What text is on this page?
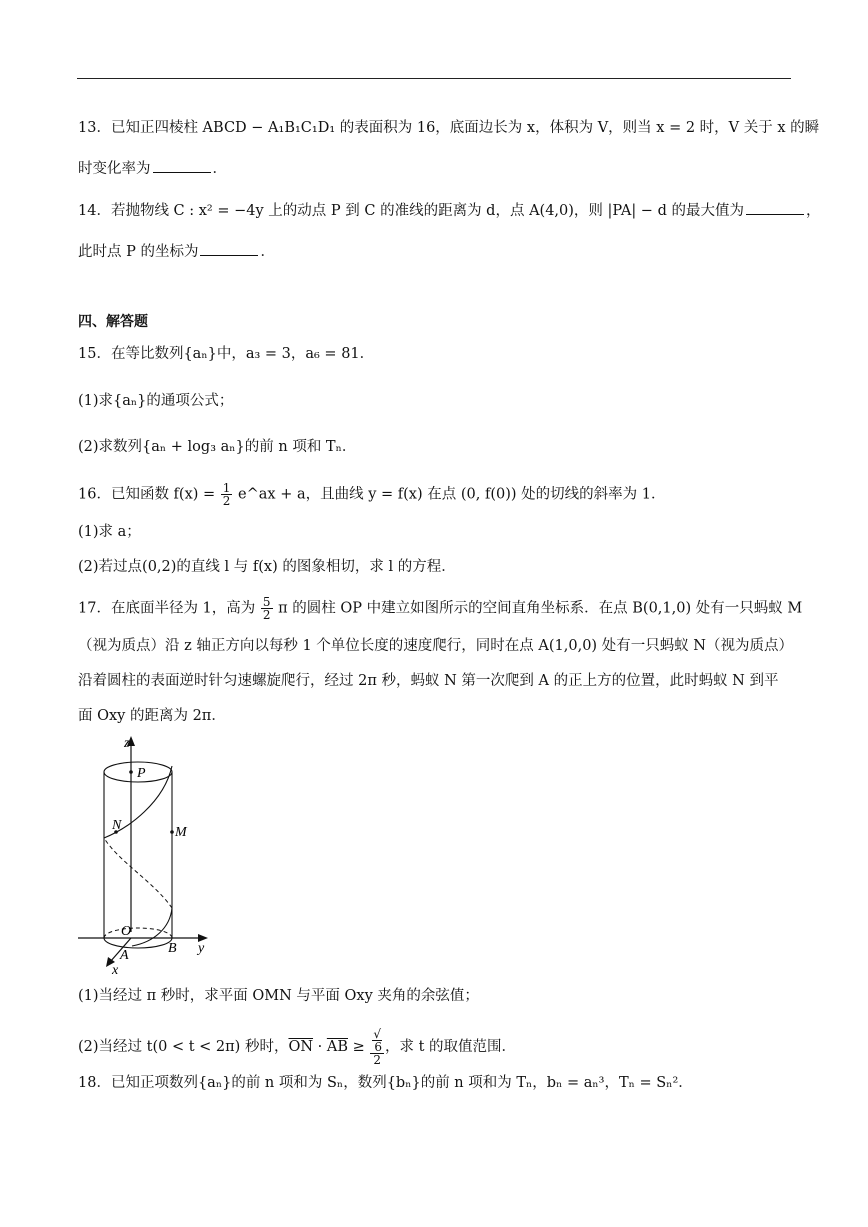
13．已知正四棱柱 ABCD − A₁B₁C₁D₁ 的表面积为 16，底面边长为 x，体积为 V，则当 x = 2 时，V 关于 x 的瞬
时变化率为	．
14．若抛物线 C : x² = −4y 上的动点 P 到 C 的准线的距离为 d，点 A(4,0)，则 |PA| − d 的最大值为	，
此时点 P 的坐标为	．
四、解答题
15．在等比数列{aₙ}中，a₃ = 3，a₆ = 81．
(1)求{aₙ}的通项公式；
(2)求数列{aₙ + log₃ aₙ}的前 n 项和 Tₙ．
16．已知函数 $f(x) = \frac{1}{2}$ e^ax + a，且曲线 y = f(x) 在点 (0, f(0)) 处的切线的斜率为 1．
(1)求 a；
(2)若过点(0,2)的直线 l 与 f(x) 的图象相切，求 l 的方程．
17．在底面半径为 1，高为 $\frac{5}{2}$ π 的圆柱 OP 中建立如图所示的空间直角坐标系．在点 B(0,1,0) 处有一只蚂蚁 M
（视为质点）沿 z 轴正方向以每秒 1 个单位长度的速度爬行，同时在点 A(1,0,0) 处有一只蚂蚁 N（视为质点）
沿着圆柱的表面逆时针匀速螺旋爬行，经过 2π 秒，蚂蚁 N 第一次爬到 A 的正上方的位置，此时蚂蚁 N 到平
面 Oxy 的距离为 2π．
z
P
N	M
O
A	B y
x
(1)当经过 π 秒时，求平面 OMN 与平面 Oxy 夹角的余弦值；
(2)当经过 t(0 < t < 2π) 秒时，$\overline{ON} \cdot \overline{AB}$ ≥ √
6
2 ，求 t 的取值范围．
18．已知正项数列{aₙ}的前 n 项和为 Sₙ，数列{bₙ}的前 n 项和为 Tₙ，bₙ = aₙ³，Tₙ = Sₙ²．
